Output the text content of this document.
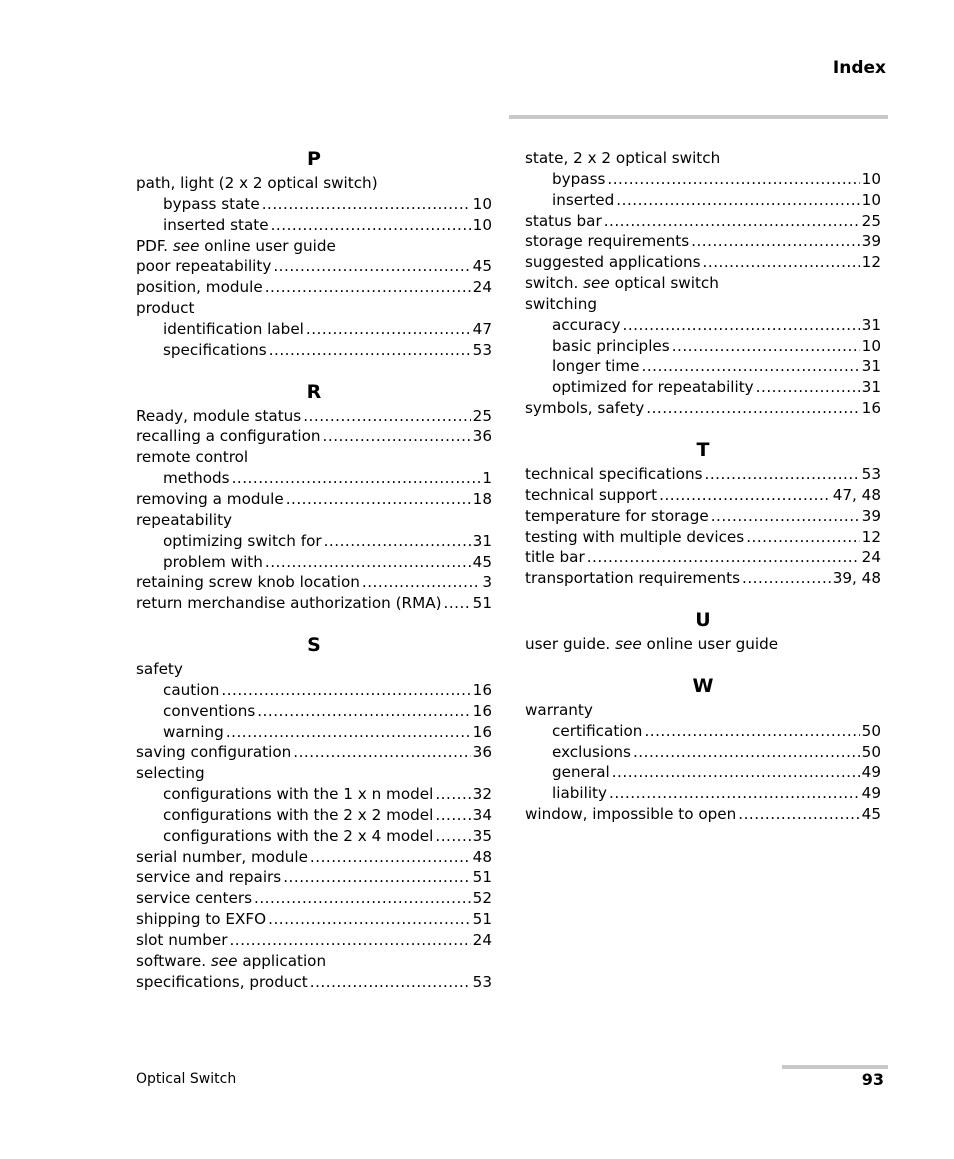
Index
P
path, light (2 x 2 optical switch)
bypass state .....	10
inserted state .....	10
PDF. see online user guide
poor repeatability .....	45
position, module .....	24
product
identification label .....	47
specifications .....	53
R
Ready, module status .....	25
recalling a configuration .....	36
remote control
methods .....	1
removing a module .....	18
repeatability
optimizing switch for .....	31
problem with .....	45
retaining screw knob location .....	3
return merchandise authorization (RMA) ..... 51
S
safety
caution .....	16
conventions .....	16
warning .....	16
saving configuration .....	36
selecting
configurations with the 1 x n model .....	32
configurations with the 2 x 2 model .....	34
configurations with the 2 x 4 model .....	35
serial number, module .....	48
service and repairs .....	51
service centers .....	52
shipping to EXFO .....	51
slot number .....	24
software. see application
specifications, product .....	53
state, 2 x 2 optical switch
bypass .....	10
inserted .....	10
status bar .....	25
storage requirements .....	39
suggested applications .....	12
switch. see optical switch
switching
accuracy .....	31
basic principles .....	10
longer time .....	31
optimized for repeatability .....	31
symbols, safety .....	16
T
technical specifications .....	53
technical support .....	47, 48
temperature for storage .....	39
testing with multiple devices .....	12
title bar .....	24
transportation requirements .....	39, 48
U
user guide. see online user guide
W
warranty
certification .....	50
exclusions .....	50
general .....	49
liability .....	49
window, impossible to open .....	45
Optical Switch	93
